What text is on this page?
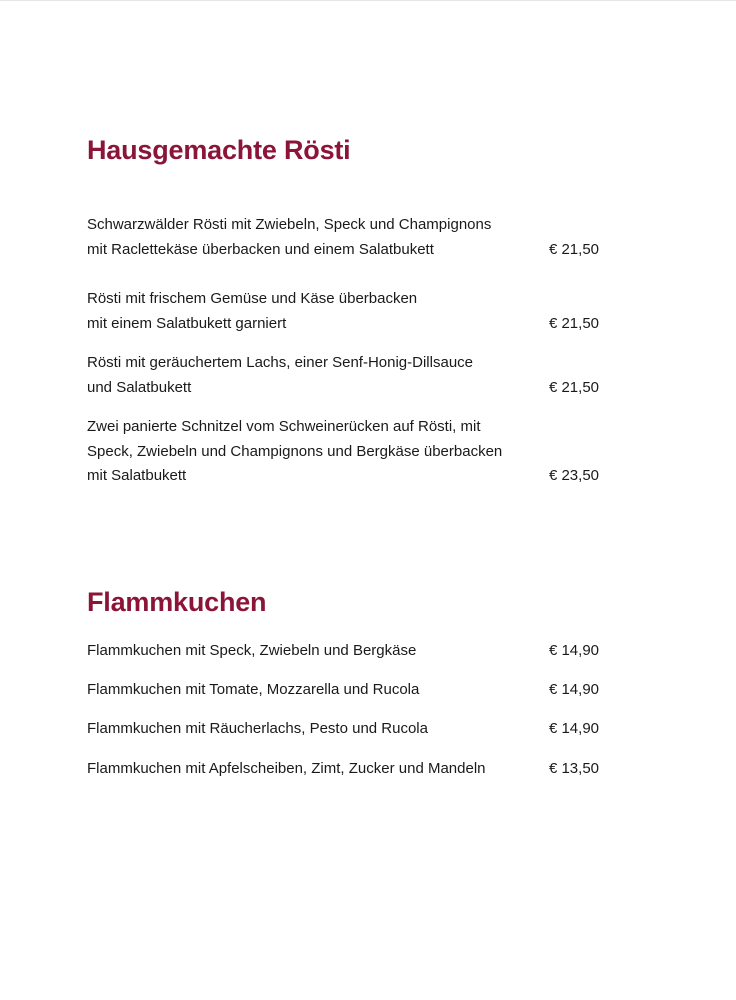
Hausgemachte Rösti
Schwarzwälder Rösti mit Zwiebeln, Speck und Champignons
mit Raclettekäse überbacken und einem Salatbukett	€ 21,50
Rösti mit frischem Gemüse und Käse überbacken
mit einem Salatbukett garniert	€ 21,50
Rösti mit geräuchertem Lachs, einer Senf-Honig-Dillsauce
und Salatbukett	€ 21,50
Zwei panierte Schnitzel vom Schweinerücken auf Rösti, mit
Speck, Zwiebeln und Champignons und Bergkäse überbacken
mit Salatbukett	€ 23,50
Flammkuchen
Flammkuchen mit Speck, Zwiebeln und Bergkäse	€ 14,90
Flammkuchen mit Tomate, Mozzarella und Rucola	€ 14,90
Flammkuchen mit Räucherlachs, Pesto und Rucola	€ 14,90
Flammkuchen mit Apfelscheiben, Zimt, Zucker und Mandeln	€ 13,50
